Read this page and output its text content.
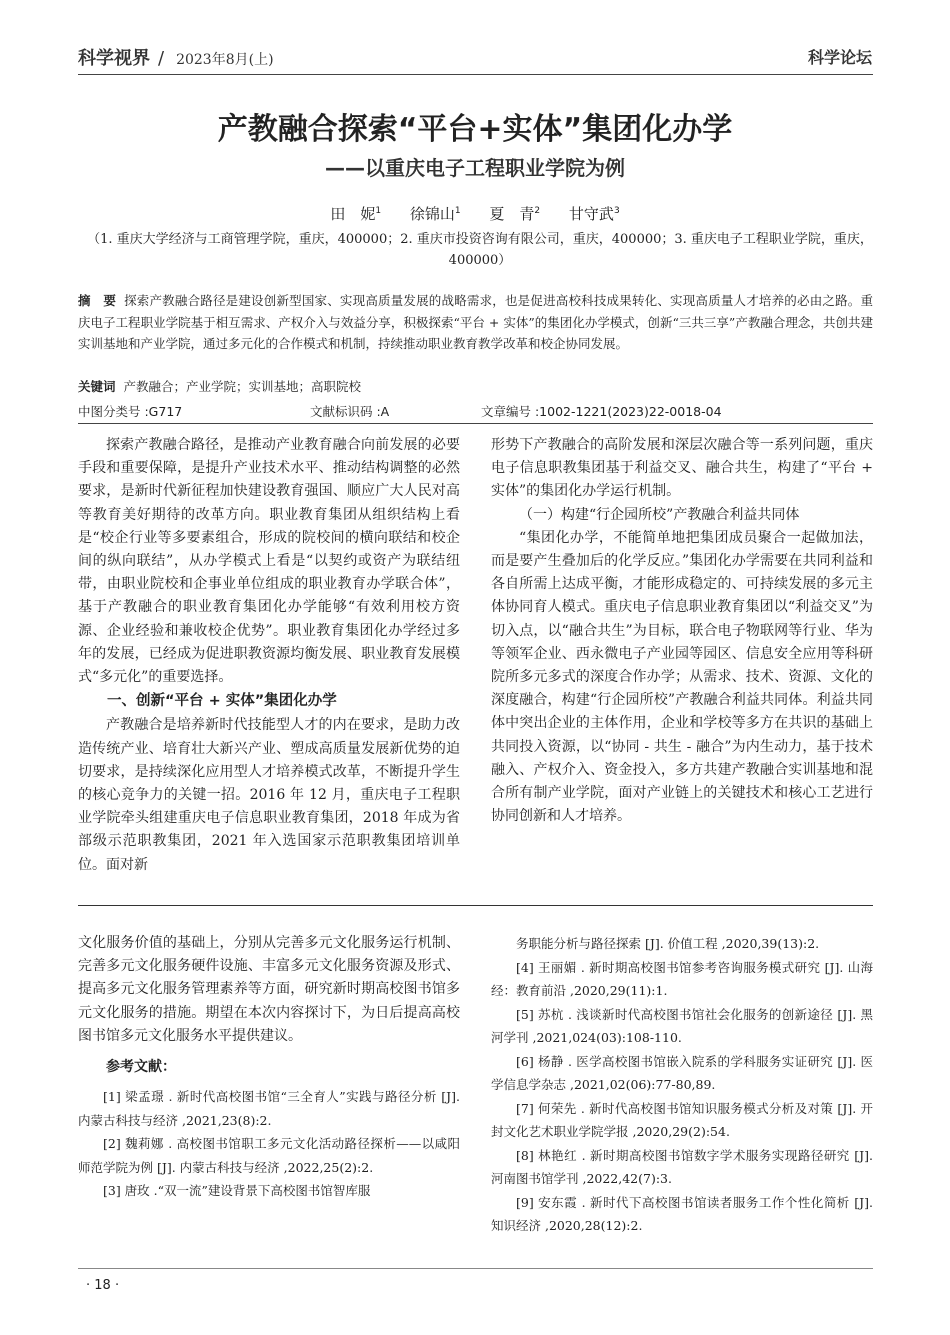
科学视界 / 2023年8月(上)	科学论坛
产教融合探索“平台+实体”集团化办学
——以重庆电子工程职业学院为例
田　妮$^1$ 徐锦山$^1$ 夏　青$^2$ 甘守武$^3$
（1. 重庆大学经济与工商管理学院，重庆，400000；2. 重庆市投资咨询有限公司，重庆，400000；3. 重庆电子工程职业学院，重庆，400000）
摘　要 探索产教融合路径是建设创新型国家、实现高质量发展的战略需求，也是促进高校科技成果转化、实现高质量人才培养的必由之路。重庆电子工程职业学院基于相互需求、产权介入与效益分享，积极探索“平台 + 实体”的集团化办学模式，创新“三共三享”产教融合理念，共创共建实训基地和产业学院，通过多元化的合作模式和机制，持续推动职业教育教学改革和校企协同发展。
关键词 产教融合；产业学院；实训基地；高职院校
中图分类号 :G717	文献标识码 :A	文章编号 :1002-1221(2023)22-0018-04

探索产教融合路径，是推动产业教育融合向前发展的必要手段和重要保障，是提升产业技术水平、推动结构调整的必然要求，是新时代新征程加快建设教育强国、顺应广大人民对高等教育美好期待的改革方向。职业教育集团从组织结构上看是“校企行业等多要素组合，形成的院校间的横向联结和校企间的纵向联结”，从办学模式上看是“以契约或资产为联结纽带，由职业院校和企事业单位组成的职业教育办学联合体”，基于产教融合的职业教育集团化办学能够“有效利用校方资源、企业经验和兼收校企优势”。职业教育集团化办学经过多年的发展，已经成为促进职教资源均衡发展、职业教育发展模式“多元化”的重要选择。

一、创新“平台 + 实体”集团化办学

产教融合是培养新时代技能型人才的内在要求，是助力改造传统产业、培育壮大新兴产业、塑成高质量发展新优势的迫切要求，是持续深化应用型人才培养模式改革，不断提升学生的核心竞争力的关键一招。2016 年 12 月，重庆电子工程职业学院牵头组建重庆电子信息职业教育集团，2018 年成为省部级示范职教集团，2021 年入选国家示范职教集团培训单位。面对新

形势下产教融合的高阶发展和深层次融合等一系列问题，重庆电子信息职教集团基于利益交叉、融合共生，构建了“平台 + 实体”的集团化办学运行机制。

（一）构建“行企园所校”产教融合利益共同体

“集团化办学，不能简单地把集团成员聚合一起做加法，而是要产生叠加后的化学反应。”集团化办学需要在共同利益和各自所需上达成平衡，才能形成稳定的、可持续发展的多元主体协同育人模式。重庆电子信息职业教育集团以“利益交叉”为切入点，以“融合共生”为目标，联合电子物联网等行业、华为等领军企业、西永微电子产业园等园区、信息安全应用等科研院所多元多式的深度合作办学；从需求、技术、资源、文化的深度融合，构建“行企园所校”产教融合利益共同体。利益共同体中突出企业的主体作用，企业和学校等多方在共识的基础上共同投入资源，以“协同 - 共生 - 融合”为内生动力，基于技术融入、产权介入、资金投入，多方共建产教融合实训基地和混合所有制产业学院，面对产业链上的关键技术和核心工艺进行协同创新和人才培养。

文化服务价值的基础上，分别从完善多元文化服务运行机制、完善多元文化服务硬件设施、丰富多元文化服务资源及形式、提高多元文化服务管理素养等方面，研究新时期高校图书馆多元文化服务的措施。期望在本次内容探讨下，为日后提高高校图书馆多元文化服务水平提供建议。

参考文献：

[1] 梁孟璟 . 新时代高校图书馆“三全育人”实践与路径分析 [J]. 内蒙古科技与经济 ,2021,23(8):2.

[2] 魏莉娜 . 高校图书馆职工多元文化活动路径探析——以咸阳师范学院为例 [J]. 内蒙古科技与经济 ,2022,25(2):2.

[3] 唐玫 .“双一流”建设背景下高校图书馆智库服

务职能分析与路径探索 [J]. 价值工程 ,2020,39(13):2.

[4] 王丽媚 . 新时期高校图书馆参考咨询服务模式研究 [J]. 山海经：教育前沿 ,2020,29(11):1.

[5] 苏杭 . 浅谈新时代高校图书馆社会化服务的创新途径 [J]. 黑河学刊 ,2021,024(03):108-110.

[6] 杨静 . 医学高校图书馆嵌入院系的学科服务实证研究 [J]. 医学信息学杂志 ,2021,02(06):77-80,89.

[7] 何荣先 . 新时代高校图书馆知识服务模式分析及对策 [J]. 开封文化艺术职业学院学报 ,2020,29(2):54.

[8] 林艳红 . 新时期高校图书馆数字学术服务实现路径研究 [J]. 河南图书馆学刊 ,2022,42(7):3.

[9] 安东霞 . 新时代下高校图书馆读者服务工作个性化简析 [J]. 知识经济 ,2020,28(12):2.

· 18 ·
